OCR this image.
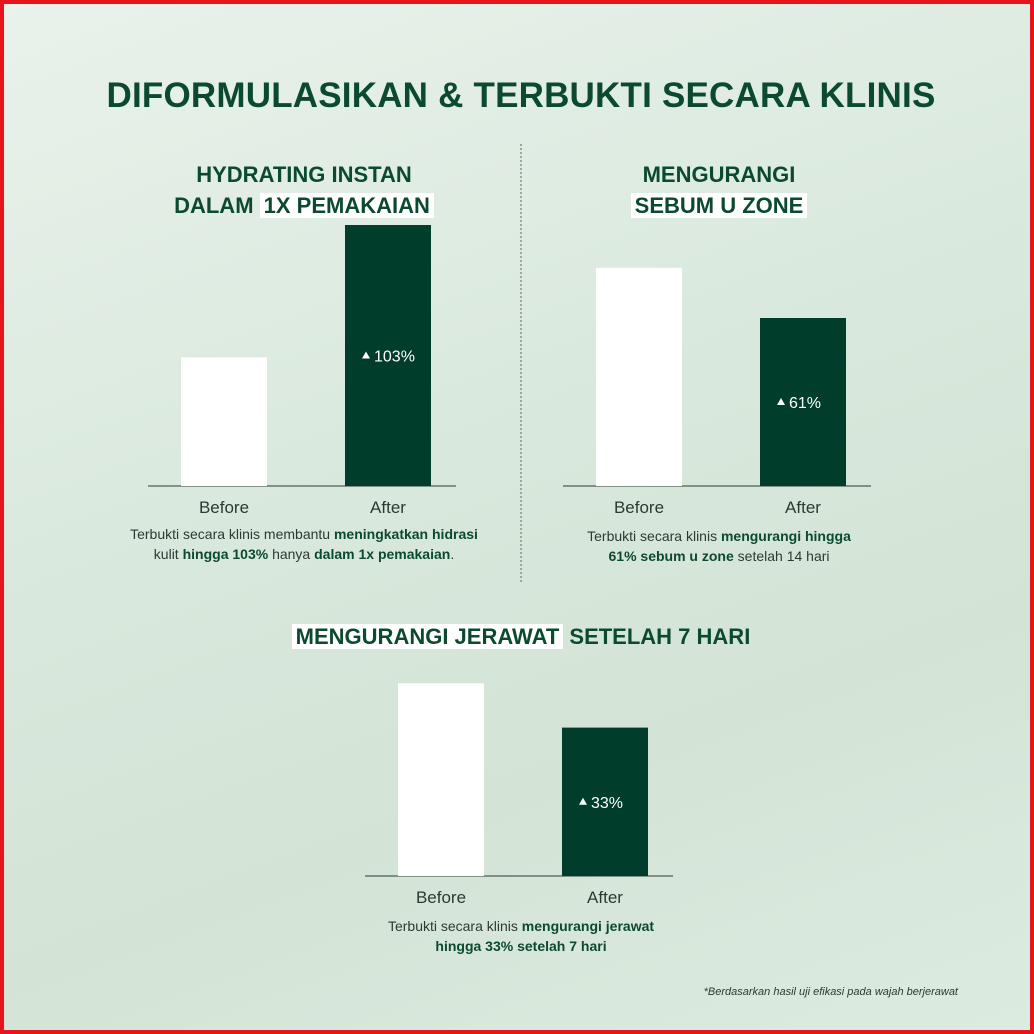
DIFORMULASIKAN & TERBUKTI SECARA KLINIS
HYDRATING INSTAN
DALAM 1X PEMAKAIAN
MENGURANGI
SEBUM U ZONE
MENGURANGI JERAWAT SETELAH 7 HARI
Before	After
103%
Before	After
61%
Before	After
33%
Terbukti secara klinis membantu meningkatkan hidrasi
kulit hingga 103% hanya dalam 1x pemakaian.
Terbukti secara klinis mengurangi hingga
61% sebum u zone setelah 14 hari
Terbukti secara klinis mengurangi jerawat
hingga 33% setelah 7 hari
*Berdasarkan hasil uji efikasi pada wajah berjerawat
